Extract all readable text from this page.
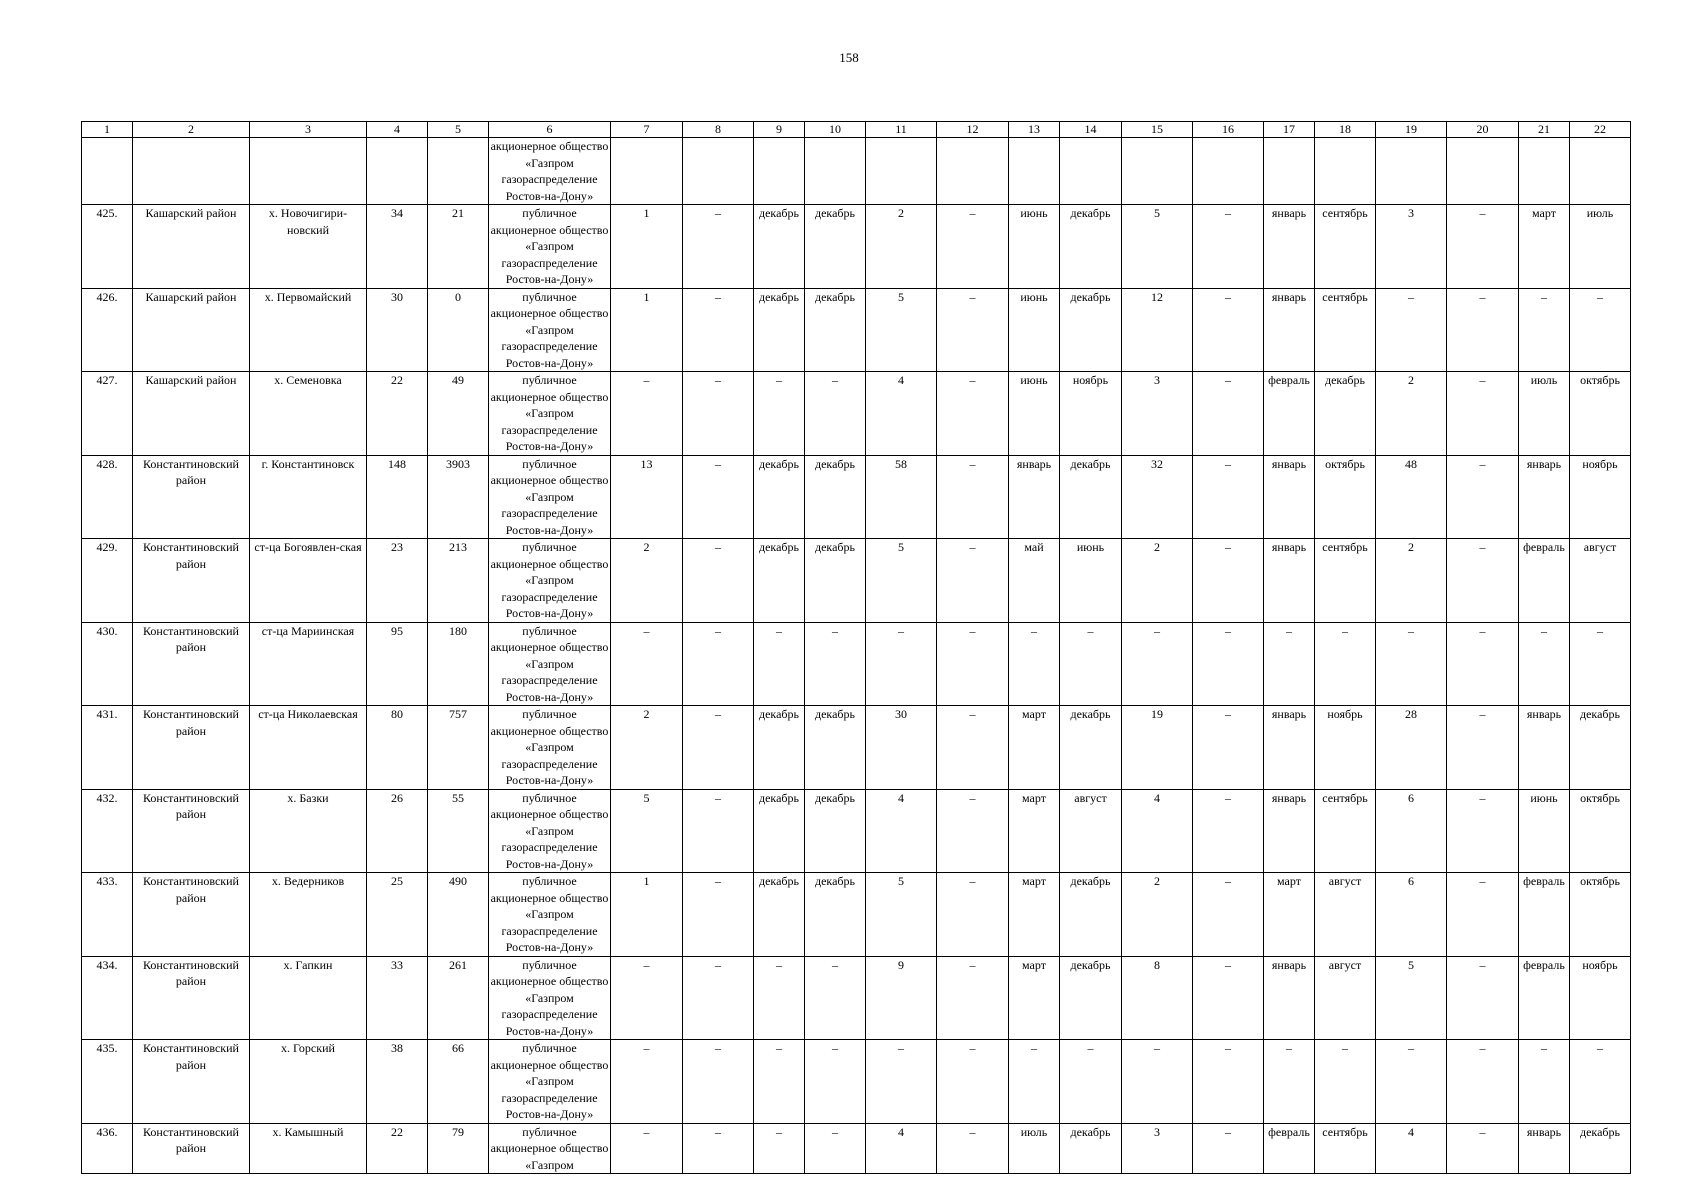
158
1	2	3	4	5	6	7	8	9	10	11	12	13	14	15	16	17	18	19	20	21	22
					акционерное общество «Газпром газораспределение Ростов-на-Дону»																
425.	Кашарский район	х. Новочигири-новский	34	21	публичное акционерное общество «Газпром газораспределение Ростов-на-Дону»	1	–	декабрь	декабрь	2	–	июнь	декабрь	5	–	январь	сентябрь	3	–	март	июль
426.	Кашарский район	х. Первомайский	30	0	публичное акционерное общество «Газпром газораспределение Ростов-на-Дону»	1	–	декабрь	декабрь	5	–	июнь	декабрь	12	–	январь	сентябрь	–	–	–	–
427.	Кашарский район	х. Семеновка	22	49	публичное акционерное общество «Газпром газораспределение Ростов-на-Дону»	–	–	–	–	4	–	июнь	ноябрь	3	–	февраль	декабрь	2	–	июль	октябрь
428.	Константиновский район	г. Константиновск	148	3903	публичное акционерное общество «Газпром газораспределение Ростов-на-Дону»	13	–	декабрь	декабрь	58	–	январь	декабрь	32	–	январь	октябрь	48	–	январь	ноябрь
429.	Константиновский район	ст-ца Богоявлен-ская	23	213	публичное акционерное общество «Газпром газораспределение Ростов-на-Дону»	2	–	декабрь	декабрь	5	–	май	июнь	2	–	январь	сентябрь	2	–	февраль	август
430.	Константиновский район	ст-ца Мариинская	95	180	публичное акционерное общество «Газпром газораспределение Ростов-на-Дону»	–	–	–	–	–	–	–	–	–	–	–	–	–	–	–	–
431.	Константиновский район	ст-ца Николаевская	80	757	публичное акционерное общество «Газпром газораспределение Ростов-на-Дону»	2	–	декабрь	декабрь	30	–	март	декабрь	19	–	январь	ноябрь	28	–	январь	декабрь
432.	Константиновский район	х. Базки	26	55	публичное акционерное общество «Газпром газораспределение Ростов-на-Дону»	5	–	декабрь	декабрь	4	–	март	август	4	–	январь	сентябрь	6	–	июнь	октябрь
433.	Константиновский район	х. Ведерников	25	490	публичное акционерное общество «Газпром газораспределение Ростов-на-Дону»	1	–	декабрь	декабрь	5	–	март	декабрь	2	–	март	август	6	–	февраль	октябрь
434.	Константиновский район	х. Гапкин	33	261	публичное акционерное общество «Газпром газораспределение Ростов-на-Дону»	–	–	–	–	9	–	март	декабрь	8	–	январь	август	5	–	февраль	ноябрь
435.	Константиновский район	х. Горский	38	66	публичное акционерное общество «Газпром газораспределение Ростов-на-Дону»	–	–	–	–	–	–	–	–	–	–	–	–	–	–	–	–
436.	Константиновский район	х. Камышный	22	79	публичное акционерное общество «Газпром	–	–	–	–	4	–	июль	декабрь	3	–	февраль	сентябрь	4	–	январь	декабрь
